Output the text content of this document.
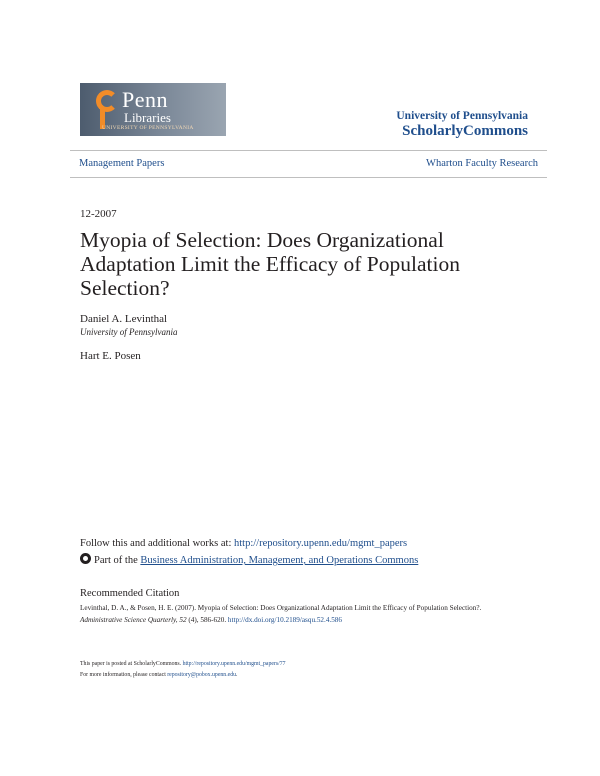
Penn
Libraries
UNIVERSITY OF PENNSYLVANIA
University of Pennsylvania
ScholarlyCommons
Management Papers	Wharton Faculty Research
12-2007
Myopia of Selection: Does Organizational Adaptation Limit the Efficacy of Population Selection?
Daniel A. Levinthal
University of Pennsylvania
Hart E. Posen
Follow this and additional works at: http://repository.upenn.edu/mgmt_papers
Part of the Business Administration, Management, and Operations Commons
Recommended Citation
Levinthal, D. A., & Posen, H. E. (2007). Myopia of Selection: Does Organizational Adaptation Limit the Efficacy of Population Selection?. Administrative Science Quarterly, 52 (4), 586-620. http://dx.doi.org/10.2189/asqu.52.4.586
This paper is posted at ScholarlyCommons. http://repository.upenn.edu/mgmt_papers/77
For more information, please contact repository@pobox.upenn.edu.
